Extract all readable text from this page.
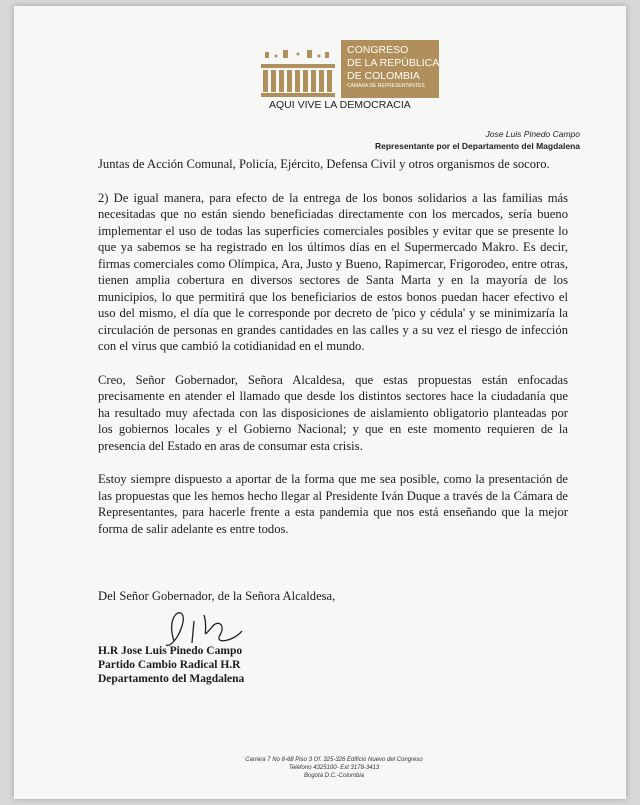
CONGRESO
DE LA REPÚBLICA
DE COLOMBIA
CÁMARA DE REPRESENTANTES
AQUI VIVE LA DEMOCRACIA
Jose Luis Pinedo Campo
Representante por el Departamento del Magdalena

Juntas de Acción Comunal, Policía, Ejército, Defensa Civil y otros organismos de socoro.

2) De igual manera, para efecto de la entrega de los bonos solidarios a las familias más necesitadas que no están siendo beneficiadas directamente con los mercados, sería bueno implementar el uso de todas las superficies comerciales posibles y evitar que se presente lo que ya sabemos se ha registrado en los últimos días en el Supermercado Makro. Es decir, firmas comerciales como Olímpica, Ara, Justo y Bueno, Rapimercar, Frigorodeo, entre otras, tienen amplia cobertura en diversos sectores de Santa Marta y en la mayoría de los municipios, lo que permitirá que los beneficiarios de estos bonos puedan hacer efectivo el uso del mismo, el día que le corresponde por decreto de 'pico y cédula' y se minimizaría la circulación de personas en grandes cantidades en las calles y a su vez el riesgo de infección con el virus que cambió la cotidianidad en el mundo.

Creo, Señor Gobernador, Señora Alcaldesa, que estas propuestas están enfocadas precisamente en atender el llamado que desde los distintos sectores hace la ciudadanía que ha resultado muy afectada con las disposiciones de aislamiento obligatorio planteadas por los gobiernos locales y el Gobierno Nacional; y que en este momento requieren de la presencia del Estado en aras de consumar esta crisis.

Estoy siempre dispuesto a aportar de la forma que me sea posible, como la presentación de las propuestas que les hemos hecho llegar al Presidente Iván Duque a través de la Cámara de Representantes, para hacerle frente a esta pandemia que nos está enseñando que la mejor forma de salir adelante es entre todos.

Del Señor Gobernador, de la Señora Alcaldesa,
H.R Jose Luis Pinedo Campo
Partido Cambio Radical H.R
Departamento del Magdalena
Carrera 7 No 8-68 Piso 3 Of. 325-326 Edificio Nuevo del Congreso
Teléfono 4325100- Ext 3178-3413
Bogotá D.C.-Colombia
